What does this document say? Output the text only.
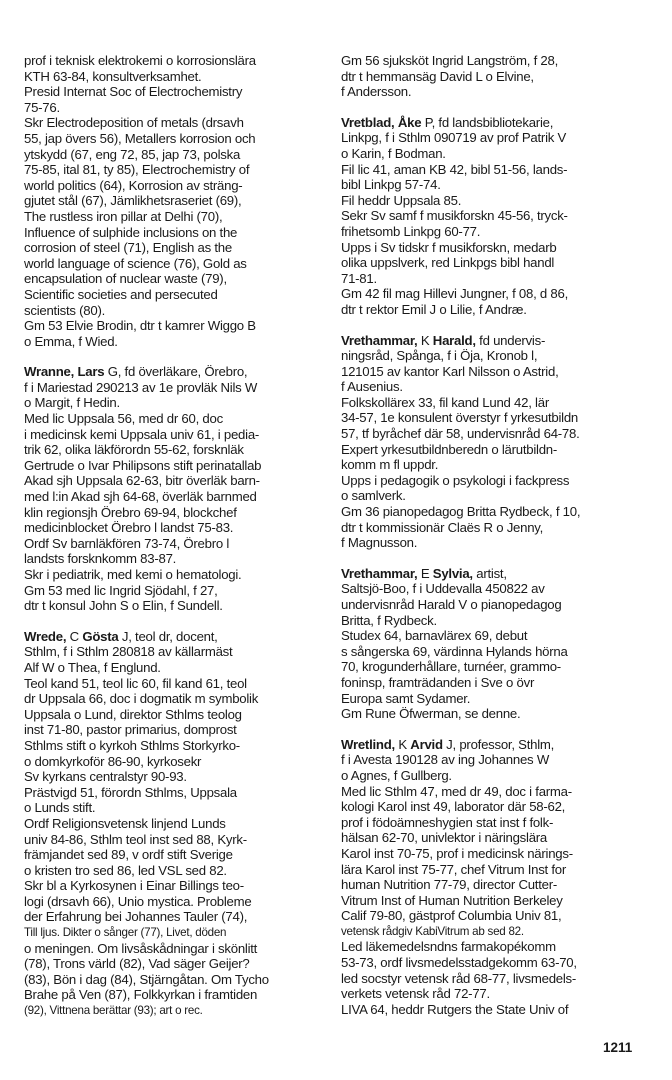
prof i teknisk elektrokemi o korrosionslära
KTH 63-84, konsultverksamhet.
Presid Internat Soc of Electrochemistry
75-76.
Skr Electrodeposition of metals (drsavh
55, jap övers 56), Metallers korrosion och
ytskydd (67, eng 72, 85, jap 73, polska
75-85, ital 81, ty 85), Electrochemistry of
world politics (64), Korrosion av sträng-
gjutet stål (67), Jämlikhetsraseriet (69),
The rustless iron pillar at Delhi (70),
Influence of sulphide inclusions on the
corrosion of steel (71), English as the
world language of science (76), Gold as
encapsulation of nuclear waste (79),
Scientific societies and persecuted
scientists (80).
Gm 53 Elvie Brodin, dtr t kamrer Wiggo B
o Emma, f Wied.
Wranne, Lars G, fd överläkare, Örebro,
f i Mariestad 290213 av 1e provläk Nils W
o Margit, f Hedin.
Med lic Uppsala 56, med dr 60, doc
i medicinsk kemi Uppsala univ 61, i pedia-
trik 62, olika läkförordn 55-62, forsknläk
Gertrude o Ivar Philipsons stift perinatallab
Akad sjh Uppsala 62-63, bitr överläk barn-
med l:in Akad sjh 64-68, överläk barnmed
klin regionsjh Örebro 69-94, blockchef
medicinblocket Örebro l landst 75-83.
Ordf Sv barnläkfören 73-74, Örebro l
landsts forsknkomm 83-87.
Skr i pediatrik, med kemi o hematologi.
Gm 53 med lic Ingrid Sjödahl, f 27,
dtr t konsul John S o Elin, f Sundell.
Wrede, C Gösta J, teol dr, docent,
Sthlm, f i Sthlm 280818 av källarmäst
Alf W o Thea, f Englund.
Teol kand 51, teol lic 60, fil kand 61, teol
dr Uppsala 66, doc i dogmatik m symbolik
Uppsala o Lund, direktor Sthlms teolog
inst 71-80, pastor primarius, domprost
Sthlms stift o kyrkoh Sthlms Storkyrko-
o domkyrkoför 86-90, kyrkosekr
Sv kyrkans centralstyr 90-93.
Prästvigd 51, förordn Sthlms, Uppsala
o Lunds stift.
Ordf Religionsvetensk linjend Lunds
univ 84-86, Sthlm teol inst sed 88, Kyrk-
främjandet sed 89, v ordf stift Sverige
o kristen tro sed 86, led VSL sed 82.
Skr bl a Kyrkosynen i Einar Billings teo-
logi (drsavh 66), Unio mystica. Probleme
der Erfahrung bei Johannes Tauler (74),
Till ljus. Dikter o sånger (77), Livet, döden
o meningen. Om livsåskådningar i skönlitt
(78), Trons värld (82), Vad säger Geijer?
(83), Bön i dag (84), Stjärngåtan. Om Tycho
Brahe på Ven (87), Folkkyrkan i framtiden
(92), Vittnena berättar (93); art o rec.
Gm 56 sjuksköt Ingrid Langström, f 28,
dtr t hemmansäg David L o Elvine,
f Andersson.
Vretblad, Åke P, fd landsbibliotekarie,
Linkpg, f i Sthlm 090719 av prof Patrik V
o Karin, f Bodman.
Fil lic 41, aman KB 42, bibl 51-56, lands-
bibl Linkpg 57-74.
Fil heddr Uppsala 85.
Sekr Sv samf f musikforskn 45-56, tryck-
frihetsomb Linkpg 60-77.
Upps i Sv tidskr f musikforskn, medarb
olika uppslverk, red Linkpgs bibl handl
71-81.
Gm 42 fil mag Hillevi Jungner, f 08, d 86,
dtr t rektor Emil J o Lilie, f Andræ.
Vrethammar, K Harald, fd undervis-
ningsråd, Spånga, f i Öja, Kronob l,
121015 av kantor Karl Nilsson o Astrid,
f Ausenius.
Folkskollärex 33, fil kand Lund 42, lär
34-57, 1e konsulent överstyr f yrkesutbildn
57, tf byråchef där 58, undervisnråd 64-78.
Expert yrkesutbildnberedn o lärutbildn-
komm m fl uppdr.
Upps i pedagogik o psykologi i fackpress
o samlverk.
Gm 36 pianopedagog Britta Rydbeck, f 10,
dtr t kommissionär Claës R o Jenny,
f Magnusson.
Vrethammar, E Sylvia, artist,
Saltsjö-Boo, f i Uddevalla 450822 av
undervisnråd Harald V o pianopedagog
Britta, f Rydbeck.
Studex 64, barnavlärex 69, debut
s sångerska 69, värdinna Hylands hörna
70, krogunderhållare, turnéer, grammo-
foninsp, framträdanden i Sve o övr
Europa samt Sydamer.
Gm Rune Öfwerman, se denne.
Wretlind, K Arvid J, professor, Sthlm,
f i Avesta 190128 av ing Johannes W
o Agnes, f Gullberg.
Med lic Sthlm 47, med dr 49, doc i farma-
kologi Karol inst 49, laborator där 58-62,
prof i födoämneshygien stat inst f folk-
hälsan 62-70, univlektor i näringslära
Karol inst 70-75, prof i medicinsk närings-
lära Karol inst 75-77, chef Vitrum Inst for
human Nutrition 77-79, director Cutter-
Vitrum Inst of Human Nutrition Berkeley
Calif 79-80, gästprof Columbia Univ 81,
vetensk rådgiv KabiVitrum ab sed 82.
Led läkemedelsndns farmakopékomm
53-73, ordf livsmedelsstadgekomm 63-70,
led socstyr vetensk råd 68-77, livsmedels-
verkets vetensk råd 72-77.
LIVA 64, heddr Rutgers the State Univ of
1211
